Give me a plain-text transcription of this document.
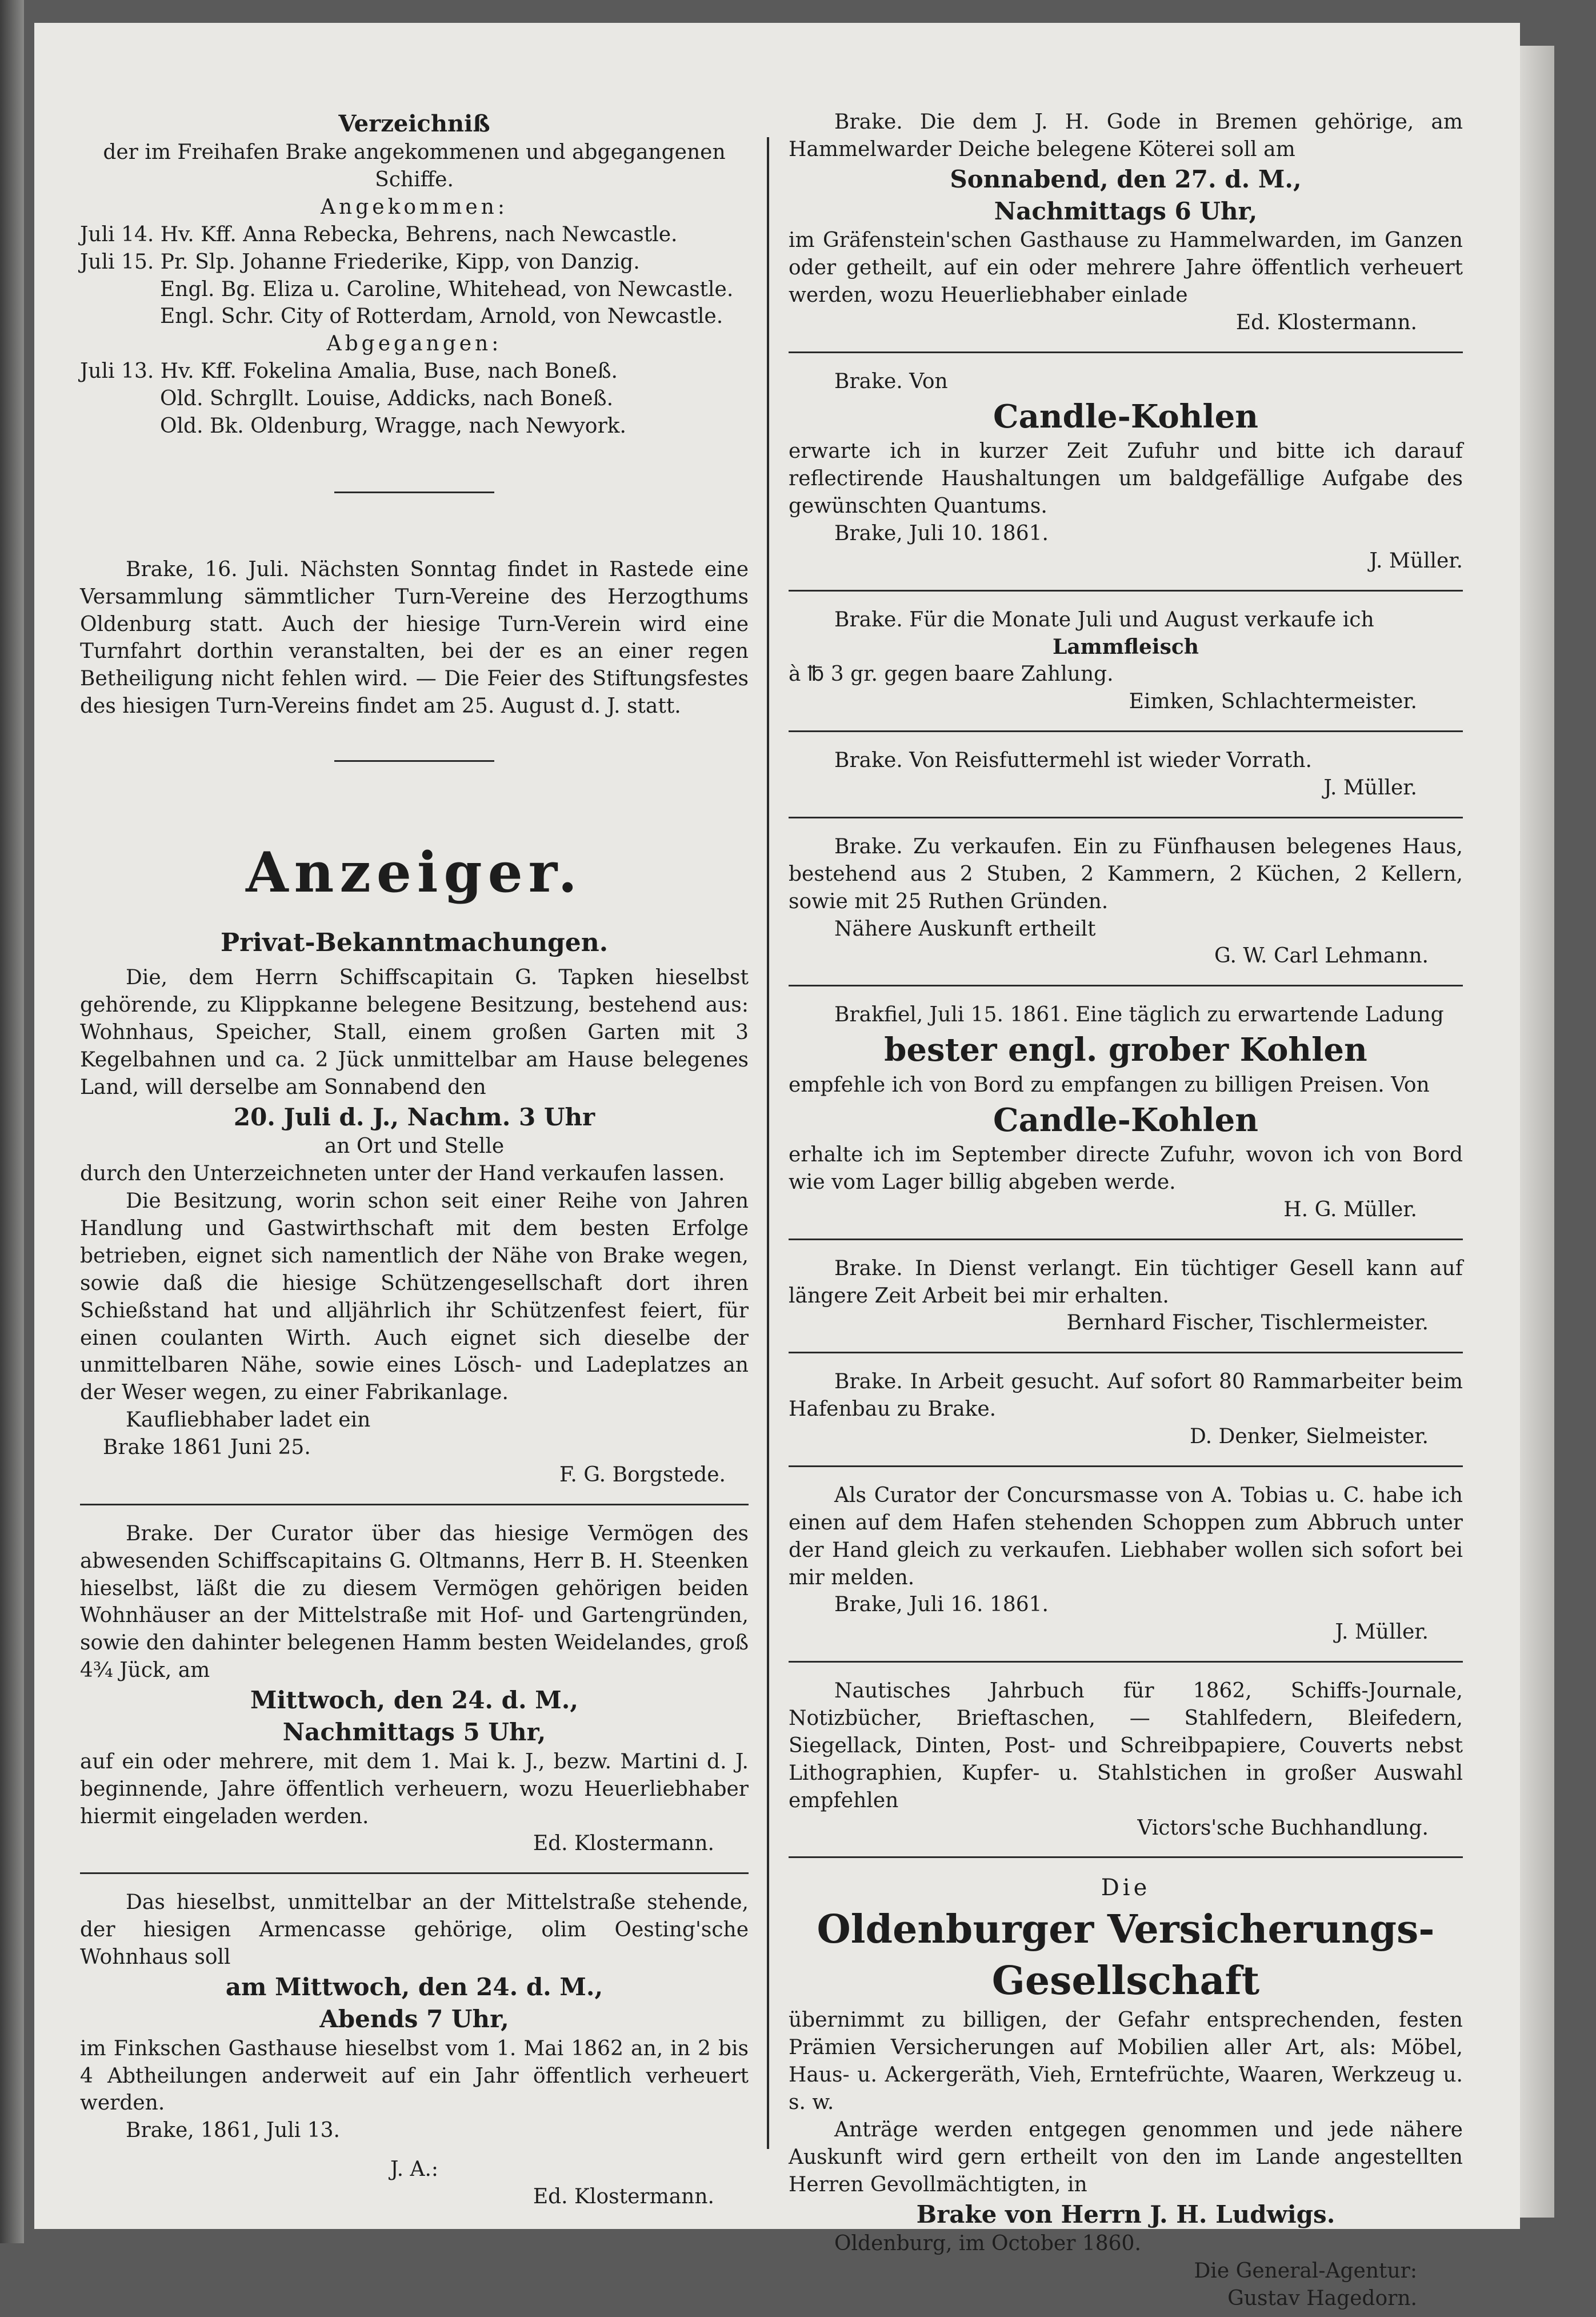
Verzeichniß

der im Freihafen Brake angekommenen und abgegangenen Schiffe.

Angekommen:

Juli 14. Hv. Kff. Anna Rebecka, Behrens, nach Newcastle.

Juli 15. Pr. Slp. Johanne Friederike, Kipp, von Danzig.

Engl. Bg. Eliza u. Caroline, Whitehead, von Newcastle.

Engl. Schr. City of Rotterdam, Arnold, von Newcastle.

Abgegangen:

Juli 13. Hv. Kff. Fokelina Amalia, Buse, nach Boneß.

Old. Schrgllt. Louise, Addicks, nach Boneß.

Old. Bk. Oldenburg, Wragge, nach Newyork.

Brake, 16. Juli. Nächsten Sonntag findet in Rastede eine Versammlung sämmtlicher Turn-Vereine des Herzogthums Oldenburg statt. Auch der hiesige Turn-Verein wird eine Turnfahrt dorthin veranstalten, bei der es an einer regen Betheiligung nicht fehlen wird. — Die Feier des Stiftungsfestes des hiesigen Turn-Vereins findet am 25. August d. J. statt.

Anzeiger.

Privat-Bekanntmachungen.

Die, dem Herrn Schiffscapitain G. Tapken hieselbst gehörende, zu Klippkanne belegene Besitzung, bestehend aus: Wohnhaus, Speicher, Stall, einem großen Garten mit 3 Kegelbahnen und ca. 2 Jück unmittelbar am Hause belegenes Land, will derselbe am Sonnabend den

20. Juli d. J., Nachm. 3 Uhr

an Ort und Stelle

durch den Unterzeichneten unter der Hand verkaufen lassen.

Die Besitzung, worin schon seit einer Reihe von Jahren Handlung und Gastwirthschaft mit dem besten Erfolge betrieben, eignet sich namentlich der Nähe von Brake wegen, sowie daß die hiesige Schützengesellschaft dort ihren Schießstand hat und alljährlich ihr Schützenfest feiert, für einen coulanten Wirth. Auch eignet sich dieselbe der unmittelbaren Nähe, sowie eines Lösch- und Ladeplatzes an der Weser wegen, zu einer Fabrikanlage.

Kaufliebhaber ladet ein

Brake 1861 Juni 25.

F. G. Borgstede.

Brake. Der Curator über das hiesige Vermögen des abwesenden Schiffscapitains G. Oltmanns, Herr B. H. Steenken hieselbst, läßt die zu diesem Vermögen gehörigen beiden Wohnhäuser an der Mittelstraße mit Hof- und Gartengründen, sowie den dahinter belegenen Hamm besten Weidelandes, groß 4¾ Jück, am

Mittwoch, den 24. d. M.,

Nachmittags 5 Uhr,

auf ein oder mehrere, mit dem 1. Mai k. J., bezw. Martini d. J. beginnende, Jahre öffentlich verheuern, wozu Heuerliebhaber hiermit eingeladen werden.

Ed. Klostermann.

Das hieselbst, unmittelbar an der Mittelstraße stehende, der hiesigen Armencasse gehörige, olim Oesting'sche Wohnhaus soll

am Mittwoch, den 24. d. M.,

Abends 7 Uhr,

im Finkschen Gasthause hieselbst vom 1. Mai 1862 an, in 2 bis 4 Abtheilungen anderweit auf ein Jahr öffentlich verheuert werden.

Brake, 1861, Juli 13.

J. A.:

Ed. Klostermann.

Brake. Die dem J. H. Gode in Bremen gehörige, am Hammelwarder Deiche belegene Köterei soll am

Sonnabend, den 27. d. M.,

Nachmittags 6 Uhr,

im Gräfenstein'schen Gasthause zu Hammelwarden, im Ganzen oder getheilt, auf ein oder mehrere Jahre öffentlich verheuert werden, wozu Heuerliebhaber einlade

Ed. Klostermann.

Brake. Von

Candle-Kohlen

erwarte ich in kurzer Zeit Zufuhr und bitte ich darauf reflectirende Haushaltungen um baldgefällige Aufgabe des gewünschten Quantums.

Brake, Juli 10. 1861.

J. Müller.

Brake. Für die Monate Juli und August verkaufe ich

Lammfleisch

à ℔ 3 gr. gegen baare Zahlung.

Eimken, Schlachtermeister.

Brake. Von Reisfuttermehl ist wieder Vorrath.

J. Müller.

Brake. Zu verkaufen. Ein zu Fünfhausen belegenes Haus, bestehend aus 2 Stuben, 2 Kammern, 2 Küchen, 2 Kellern, sowie mit 25 Ruthen Gründen.

Nähere Auskunft ertheilt

G. W. Carl Lehmann.

Brakfiel, Juli 15. 1861. Eine täglich zu erwartende Ladung

bester engl. grober Kohlen

empfehle ich von Bord zu empfangen zu billigen Preisen. Von

Candle-Kohlen

erhalte ich im September directe Zufuhr, wovon ich von Bord wie vom Lager billig abgeben werde.

H. G. Müller.

Brake. In Dienst verlangt. Ein tüchtiger Gesell kann auf längere Zeit Arbeit bei mir erhalten.

Bernhard Fischer, Tischlermeister.

Brake. In Arbeit gesucht. Auf sofort 80 Rammarbeiter beim Hafenbau zu Brake.

D. Denker, Sielmeister.

Als Curator der Concursmasse von A. Tobias u. C. habe ich einen auf dem Hafen stehenden Schoppen zum Abbruch unter der Hand gleich zu verkaufen. Liebhaber wollen sich sofort bei mir melden.

Brake, Juli 16. 1861.

J. Müller.

Nautisches Jahrbuch für 1862, Schiffs-Journale, Notizbücher, Brieftaschen, — Stahlfedern, Bleifedern, Siegellack, Dinten, Post- und Schreibpapiere, Couverts nebst Lithographien, Kupfer- u. Stahlstichen in großer Auswahl empfehlen

Victors'sche Buchhandlung.

Die

Oldenburger Versicherungs-

Gesellschaft

übernimmt zu billigen, der Gefahr entsprechenden, festen Prämien Versicherungen auf Mobilien aller Art, als: Möbel, Haus- u. Ackergeräth, Vieh, Erntefrüchte, Waaren, Werkzeug u. s. w.

Anträge werden entgegen genommen und jede nähere Auskunft wird gern ertheilt von den im Lande angestellten Herren Gevollmächtigten, in

Brake von Herrn J. H. Ludwigs.

Oldenburg, im October 1860.

Die General-Agentur:

Gustav Hagedorn.
